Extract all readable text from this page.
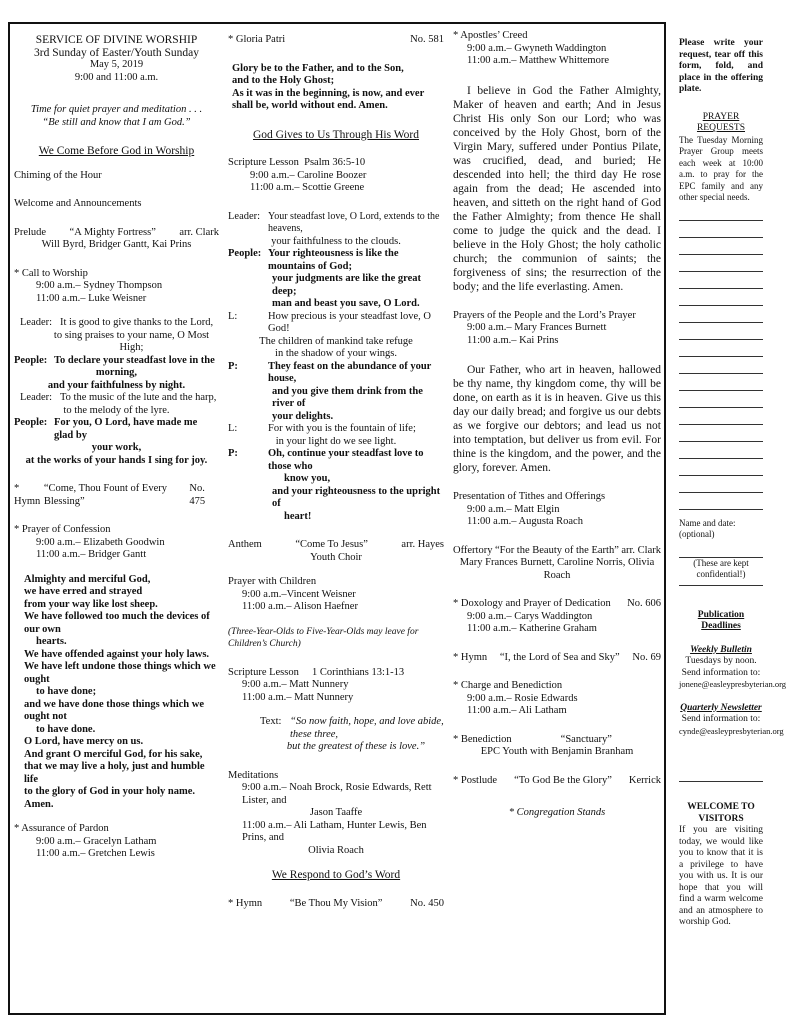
SERVICE OF DIVINE WORSHIP
3rd Sunday of Easter/Youth Sunday
May 5, 2019
9:00 and 11:00 a.m.
Time for quiet prayer and meditation . . .
“Be still and know that I am God.”
We Come Before God in Worship
Chiming of the Hour
Welcome and Announcements
Prelude	“A Mighty Fortress”	arr. Clark
Will Byrd, Bridger Gantt, Kai Prins
* Call to Worship
9:00 a.m.– Sydney Thompson
11:00 a.m.– Luke Weisner
Leader: It is good to give thanks to the Lord,
to sing praises to your name, O Most High;
People: To declare your steadfast love in the
morning,
and your faithfulness by night.
Leader: To the music of the lute and the harp,
to the melody of the lyre.
People: For you, O Lord, have made me glad by
your work,
at the works of your hands I sing for joy.
* Hymn
“Come, Thou Fount of Every Blessing”
No. 475
* Prayer of Confession
9:00 a.m.– Elizabeth Goodwin
11:00 a.m.– Bridger Gantt
Almighty and merciful God,
we have erred and strayed
from your way like lost sheep.
We have followed too much the devices of our own
hearts.
We have offended against your holy laws.
We have left undone those things which we ought
to have done;
and we have done those things which we ought not
to have done.
O Lord, have mercy on us.
And grant O merciful God, for his sake,
that we may live a holy, just and humble life
to the glory of God in your holy name. Amen.
* Assurance of Pardon
9:00 a.m.– Gracelyn Latham
11:00 a.m.– Gretchen Lewis
* Gloria Patri	No. 581
Glory be to the Father, and to the Son,
and to the Holy Ghost;
As it was in the beginning, is now, and ever
shall be, world without end. Amen.
God Gives to Us Through His Word
Scripture Lesson Psalm 36:5-10
9:00 a.m.– Caroline Boozer
11:00 a.m.– Scottie Greene
Leader: Your steadfast love, O Lord, extends to the heavens,
your faithfulness to the clouds.
People: Your righteousness is like the mountains of God;
your judgments are like the great deep;
man and beast you save, O Lord.
L:	How precious is your steadfast love, O God!
The children of mankind take refuge
in the shadow of your wings.
P:	They feast on the abundance of your house,
and you give them drink from the river of
your delights.
L:	For with you is the fountain of life;
in your light do we see light.
P:	Oh, continue your steadfast love to those who
know you,
and your righteousness to the upright of
heart!
Anthem	“Come To Jesus”	arr. Hayes
Youth Choir
Prayer with Children
9:00 a.m.–Vincent Weisner
11:00 a.m.– Alison Haefner
(Three-Year-Olds to Five-Year-Olds may leave for Children’s Church)
Scripture Lesson 1 Corinthians 13:1-13
9:00 a.m.– Matt Nunnery
11:00 a.m.– Matt Nunnery
Text: “So now faith, hope, and love abide, these three,
but the greatest of these is love.”
Meditations
9:00 a.m.– Noah Brock, Rosie Edwards, Rett Lister, and
Jason Taaffe
11:00 a.m.– Ali Latham, Hunter Lewis, Ben Prins, and
Olivia Roach
We Respond to God’s Word
* Hymn	“Be Thou My Vision”	No. 450
* Apostles’ Creed
9:00 a.m.– Gwyneth Waddington
11:00 a.m.– Matthew Whittemore
I believe in God the Father Almighty, Maker of heaven and earth; And in Jesus Christ His only Son our Lord; who was conceived by the Holy Ghost, born of the Virgin Mary, suffered under Pontius Pilate, was crucified, dead, and buried; He descended into hell; the third day He rose again from the dead; He ascended into heaven, and sitteth on the right hand of God the Father Almighty; from thence He shall come to judge the quick and the dead. I believe in the Holy Ghost; the holy catholic church; the communion of saints; the forgiveness of sins; the resurrection of the body; and the life everlasting. Amen.
Prayers of the People and the Lord’s Prayer
9:00 a.m.– Mary Frances Burnett
11:00 a.m.– Kai Prins
Our Father, who art in heaven, hallowed be thy name, thy kingdom come, thy will be done, on earth as it is in heaven. Give us this day our daily bread; and forgive us our debts as we forgive our debtors; and lead us not into temptation, but deliver us from evil. For thine is the kingdom, and the power, and the glory, forever. Amen.
Presentation of Tithes and Offerings
9:00 a.m.– Matt Elgin
11:00 a.m.– Augusta Roach
Offertory “For the Beauty of the Earth” arr. Clark
Mary Frances Burnett, Caroline Norris, Olivia Roach
* Doxology and Prayer of Dedication No. 606
9:00 a.m.– Carys Waddington
11:00 a.m.– Katherine Graham
* Hymn “I, the Lord of Sea and Sky” No. 69
* Charge and Benediction
9:00 a.m.– Rosie Edwards
11:00 a.m.– Ali Latham
* Benediction	“Sanctuary”
EPC Youth with Benjamin Branham
* Postlude	“To God Be the Glory”	Kerrick
* Congregation Stands
Please write your request, tear off this form, fold, and place in the offering plate.
PRAYER REQUESTS
The Tuesday Morning Prayer Group meets each week at 10:00 a.m. to pray for the EPC family and any other special needs.
Name and date: (optional)
(These are kept confidential!)
Publication Deadlines
Weekly Bulletin
Tuesdays by noon.
Send information to:
jonene@easleypresbyterian.org
Quarterly Newsletter
Send information to:
cynde@easleypresbyterian.org
WELCOME TO
VISITORS
If you are visiting today, we would like you to know that it is a privilege to have you with us. It is our hope that you will find a warm welcome and an atmosphere to worship God.
